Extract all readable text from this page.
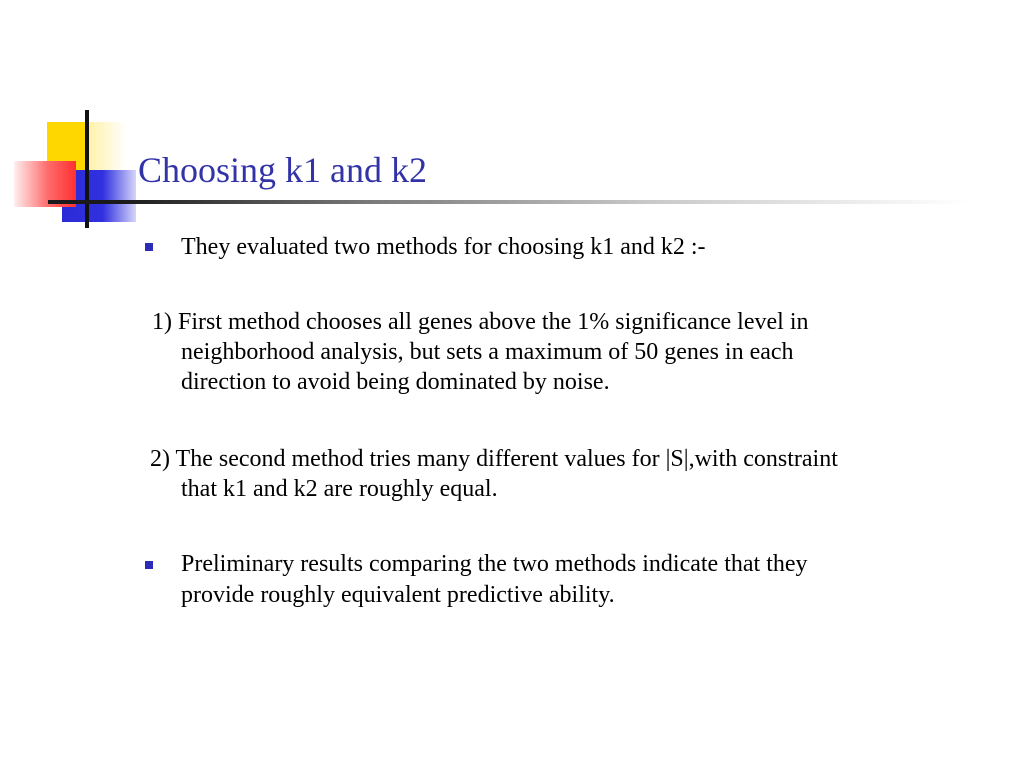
Choosing k1 and k2
They evaluated two methods for choosing k1 and k2 :-
1) First method chooses all genes above the 1% significance level in
neighborhood analysis, but sets a maximum of 50 genes in each
direction to avoid being dominated by noise.
2) The second method tries many different values for |S|,with constraint
that k1 and k2 are roughly equal.
Preliminary results comparing the two methods indicate that they
provide roughly equivalent predictive ability.
